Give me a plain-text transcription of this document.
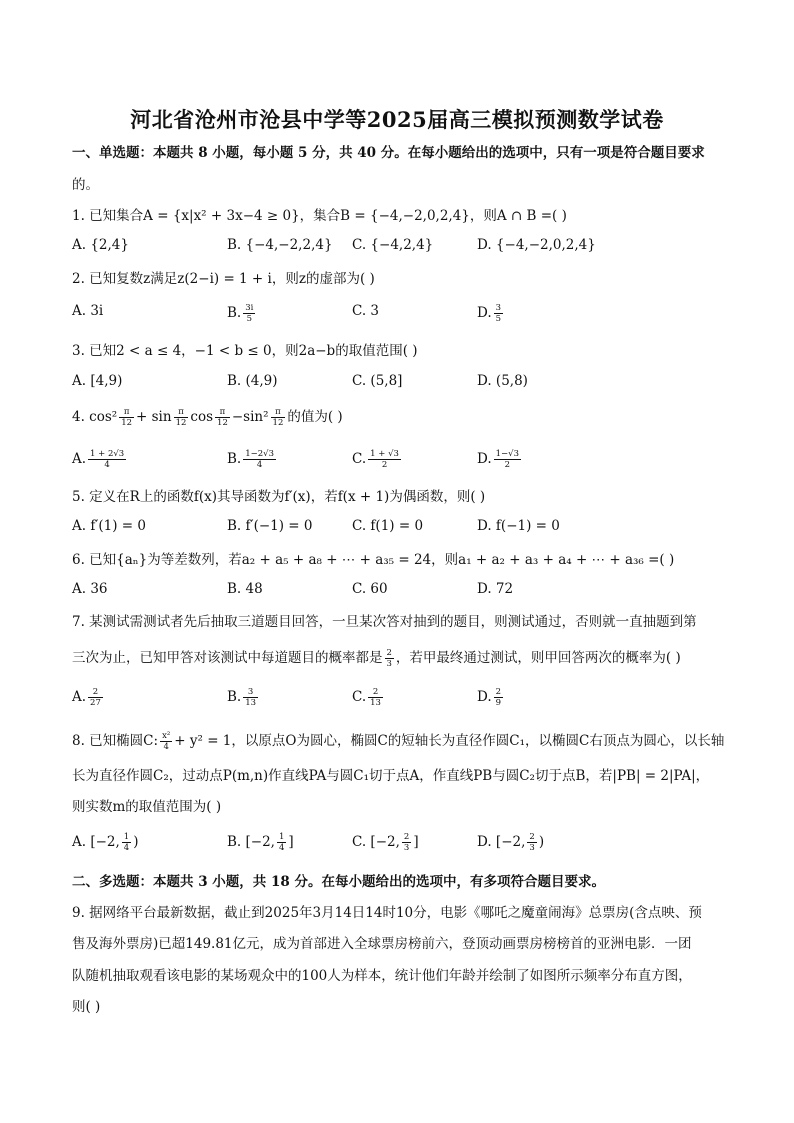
河北省沧州市沧县中学等2025届高三模拟预测数学试卷
一、单选题：本题共 8 小题，每小题 5 分，共 40 分。在每小题给出的选项中，只有一项是符合题目要求
的。
1. 已知集合A = {x|x² + 3x−4 ≥ 0}，集合B = {−4,−2,0,2,4}，则A ∩ B =( )
A. {2,4}	B. {−4,−2,2,4} C. {−4,2,4}	D. {−4,−2,0,2,4}
2. 已知复数z满足z(2−i) = 1 + i，则z的虚部为( )
A. 3i	B. $\frac{3i}{5}$	C. 3	D. $\frac{3}{5}$
3. 已知2 < a ≤ 4，−1 < b ≤ 0，则2a−b的取值范围( )
A. [4,9)	B. (4,9)	C. (5,8]	D. (5,8)
4. $\cos^2 \frac{\pi}{12} + \sin \frac{\pi}{12}$ $\cos \frac{\pi}{12} -\sin^2 \frac{\pi}{12}$ 的值为( )
A. $\frac{1 + 2√3}{4}$	B. $\frac{1-2√3}{4}$	C. $\frac{1 + √3}{2}$	D. $\frac{1-√3}{2}$
5. 定义在R上的函数f(x)其导函数为f′(x)，若f(x + 1)为偶函数，则( )
A. f′(1) = 0	B. f′(−1) = 0	C. f(1) = 0	D. f(−1) = 0
6. 已知{aₙ}为等差数列，若a₂ + a₅ + a₈ + ⋯ + a₃₅ = 24，则a₁ + a₂ + a₃ + a₄ + ⋯ + a₃₆ =( )
A. 36	B. 48	C. 60	D. 72
7. 某测试需测试者先后抽取三道题目回答，一旦某次答对抽到的题目，则测试通过，否则就一直抽题到第
三次为止，已知甲答对该测试中每道题目的概率都是 $\frac{2}{3}$ ，若甲最终通过测试，则甲回答两次的概率为( )
A. $\frac{2}{27}$	B. $\frac{3}{13}$	C. $\frac{2}{13}$	D. $\frac{2}{9}$
8. 已知椭圆C: $\frac{\text{x²}}{4} + y^2 = 1$，以原点O为圆心，椭圆C的短轴长为直径作圆C₁，以椭圆C右顶点为圆心，以长轴
长为直径作圆C₂，过动点P(m,n)作直线PA与圆C₁切于点A，作直线PB与圆C₂切于点B，若|PB| = 2|PA|，
则实数m的取值范围为( )
A. [−2, $\frac{1}{4}$ )	B. [−2, $\frac{1}{4}$ ]	C. [−2, $\frac{2}{3}$ ]	D. [−2, $\frac{2}{3}$ )
二、多选题：本题共 3 小题，共 18 分。在每小题给出的选项中，有多项符合题目要求。
9. 据网络平台最新数据，截止到2025年3月14日14时10分，电影《哪吒之魔童闹海》总票房(含点映、预
售及海外票房)已超149.81亿元，成为首部进入全球票房榜前六，登顶动画票房榜榜首的亚洲电影．一团
队随机抽取观看该电影的某场观众中的100人为样本，统计他们年龄并绘制了如图所示频率分布直方图，
则( )
